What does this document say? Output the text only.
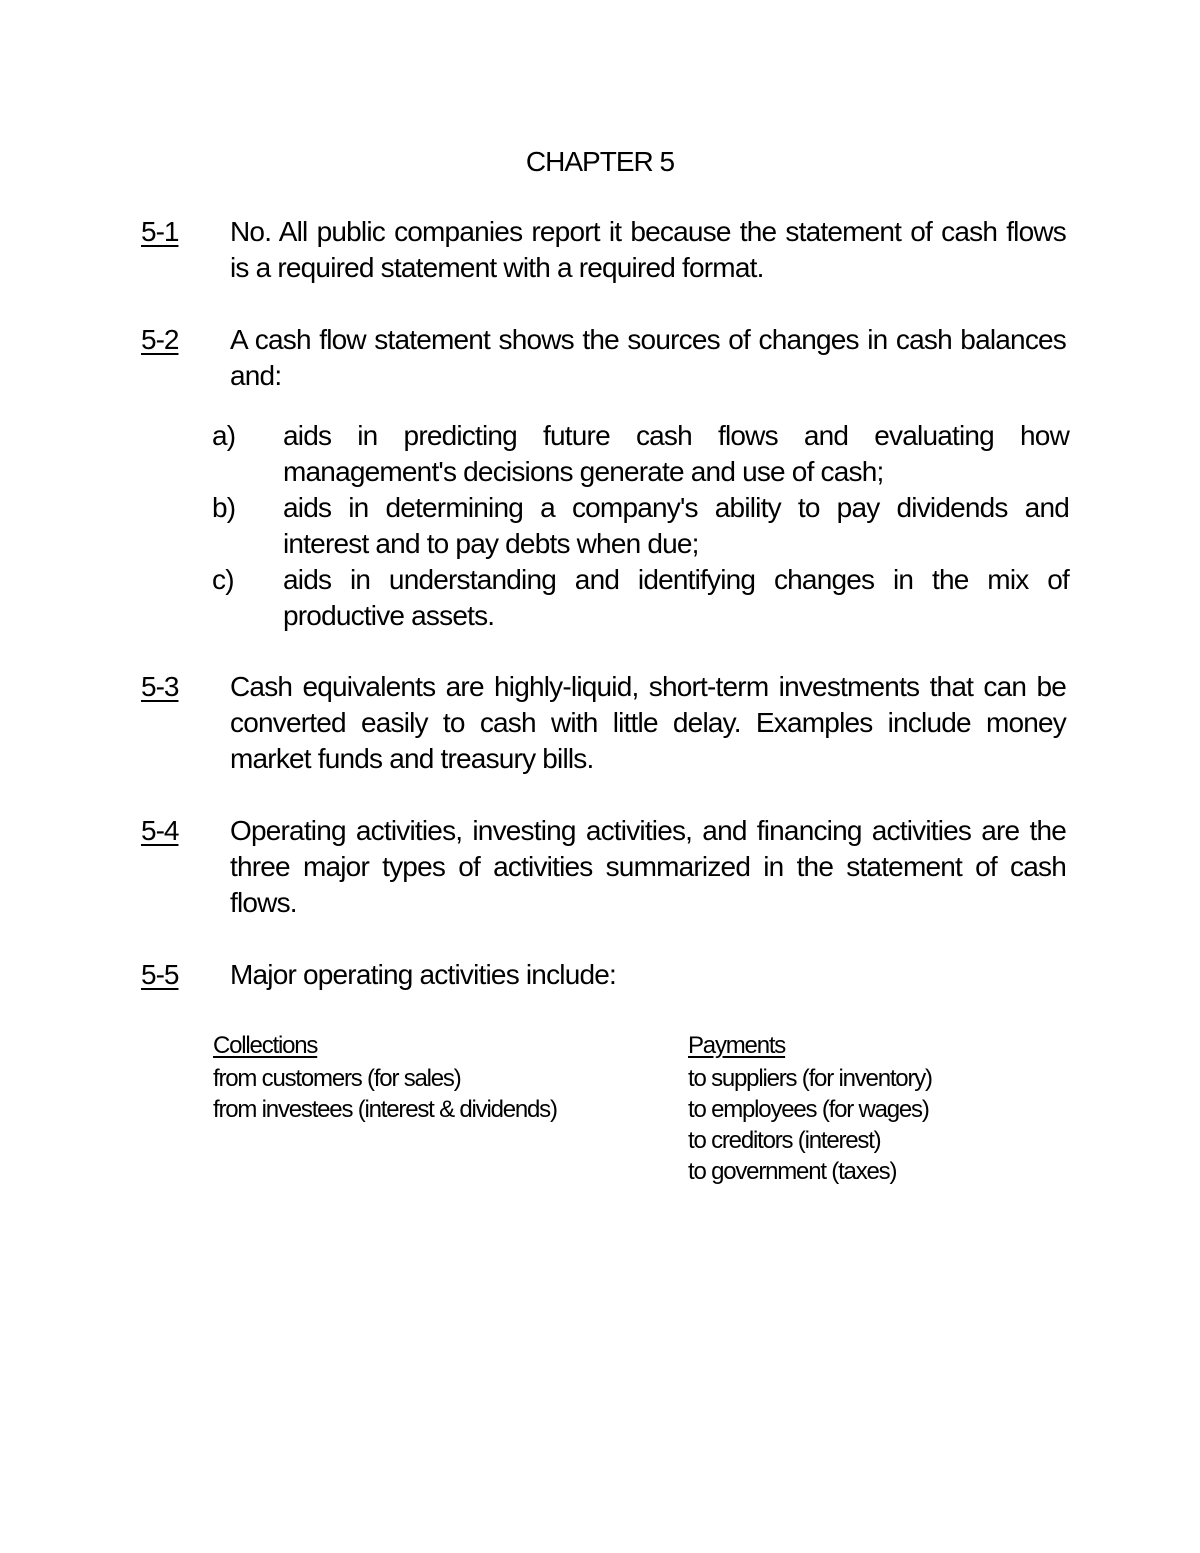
CHAPTER 5
5-1 No. All public companies report it because the statement of cash flows is a required statement with a required format.
5-2 A cash flow statement shows the sources of changes in cash balances and:
a) aids in predicting future cash flows and evaluating how management's decisions generate and use of cash;
b) aids in determining a company's ability to pay dividends and interest and to pay debts when due;
c) aids in understanding and identifying changes in the mix of productive assets.
5-3 Cash equivalents are highly-liquid, short-term investments that can be converted easily to cash with little delay. Examples include money market funds and treasury bills.
5-4 Operating activities, investing activities, and financing activities are the three major types of activities summarized in the statement of cash flows.
5-5 Major operating activities include:
Collections
from customers (for sales)
from investees (interest & dividends)
Payments
to suppliers (for inventory)
to employees (for wages)
to creditors (interest)
to government (taxes)
